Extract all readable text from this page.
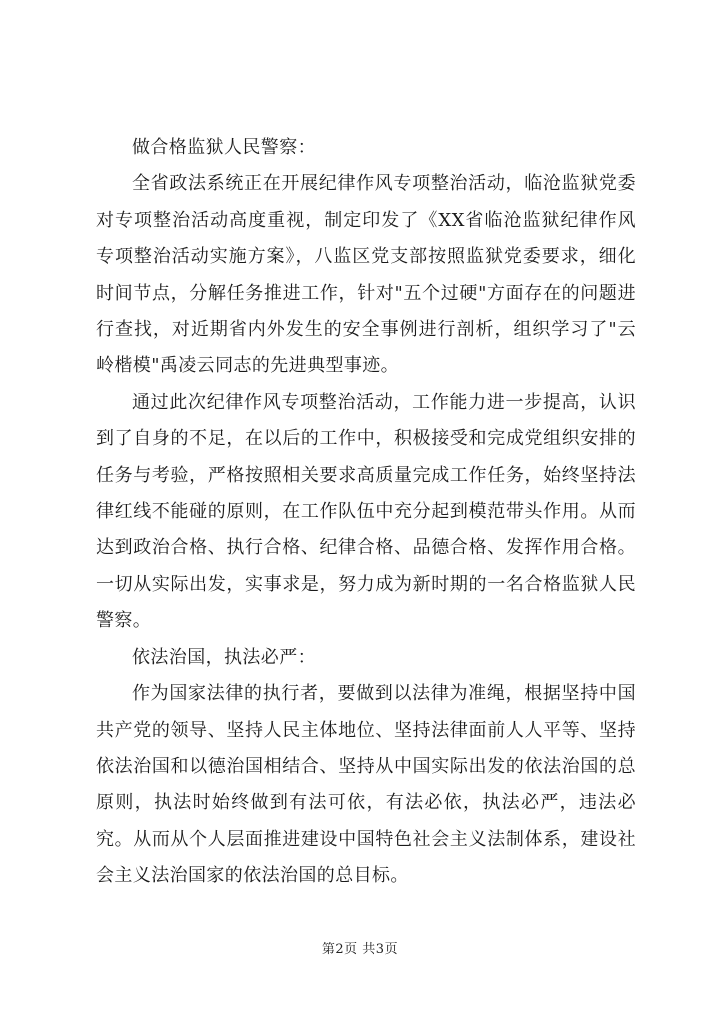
做合格监狱人民警察：

全省政法系统正在开展纪律作风专项整治活动，临沧监狱党委对专项整治活动高度重视，制定印发了《XX省临沧监狱纪律作风专项整治活动实施方案》，八监区党支部按照监狱党委要求，细化时间节点，分解任务推进工作，针对"五个过硬"方面存在的问题进行查找，对近期省内外发生的安全事例进行剖析，组织学习了"云岭楷模"禹凌云同志的先进典型事迹。

通过此次纪律作风专项整治活动，工作能力进一步提高，认识到了自身的不足，在以后的工作中，积极接受和完成党组织安排的任务与考验，严格按照相关要求高质量完成工作任务，始终坚持法律红线不能碰的原则，在工作队伍中充分起到模范带头作用。从而达到政治合格、执行合格、纪律合格、品德合格、发挥作用合格。一切从实际出发，实事求是，努力成为新时期的一名合格监狱人民警察。

依法治国，执法必严：

作为国家法律的执行者，要做到以法律为准绳，根据坚持中国共产党的领导、坚持人民主体地位、坚持法律面前人人平等、坚持依法治国和以德治国相结合、坚持从中国实际出发的依法治国的总原则，执法时始终做到有法可依，有法必依，执法必严，违法必究。从而从个人层面推进建设中国特色社会主义法制体系，建设社会主义法治国家的依法治国的总目标。

第2页 共3页
